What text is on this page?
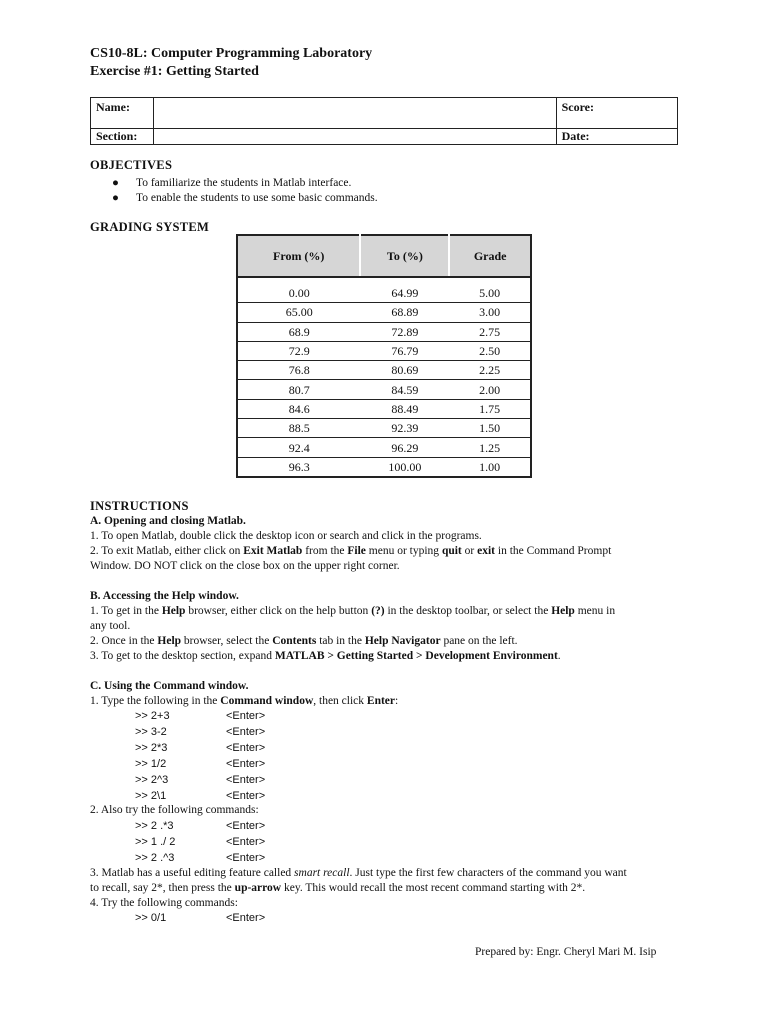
CS10-8L: Computer Programming Laboratory
Exercise #1: Getting Started
Name:		Score:
Section:		Date:
OBJECTIVES
● To familiarize the students in Matlab interface.
● To enable the students to use some basic commands.
GRADING SYSTEM
From (%)	To (%)	Grade

0.00	64.99	5.00
65.00	68.89	3.00
68.9	72.89	2.75
72.9	76.79	2.50
76.8	80.69	2.25
80.7	84.59	2.00
84.6	88.49	1.75
88.5	92.39	1.50
92.4	96.29	1.25
96.3	100.00	1.00
INSTRUCTIONS
A. Opening and closing Matlab.
1. To open Matlab, double click the desktop icon or search and click in the programs.
2. To exit Matlab, either click on Exit Matlab from the File menu or typing quit or exit in the Command Prompt
Window. DO NOT click on the close box on the upper right corner.
B. Accessing the Help window.
1. To get in the Help browser, either click on the help button (?) in the desktop toolbar, or select the Help menu in
any tool.
2. Once in the Help browser, select the Contents tab in the Help Navigator pane on the left.
3. To get to the desktop section, expand MATLAB > Getting Started > Development Environment.
C. Using the Command window.
1. Type the following in the Command window, then click Enter:
>> 2+3	<Enter>
>> 3-2	<Enter>
>> 2*3	<Enter>
>> 1/2	<Enter>
>> 2^3	<Enter>
>> 2\1	<Enter>
2. Also try the following commands:
>> 2 .*3	<Enter>
>> 1 ./ 2	<Enter>
>> 2 .^3	<Enter>
3. Matlab has a useful editing feature called smart recall. Just type the first few characters of the command you want
to recall, say 2*, then press the up-arrow key. This would recall the most recent command starting with 2*.
4. Try the following commands:
>> 0/1	<Enter>
Prepared by: Engr. Cheryl Mari M. Isip
